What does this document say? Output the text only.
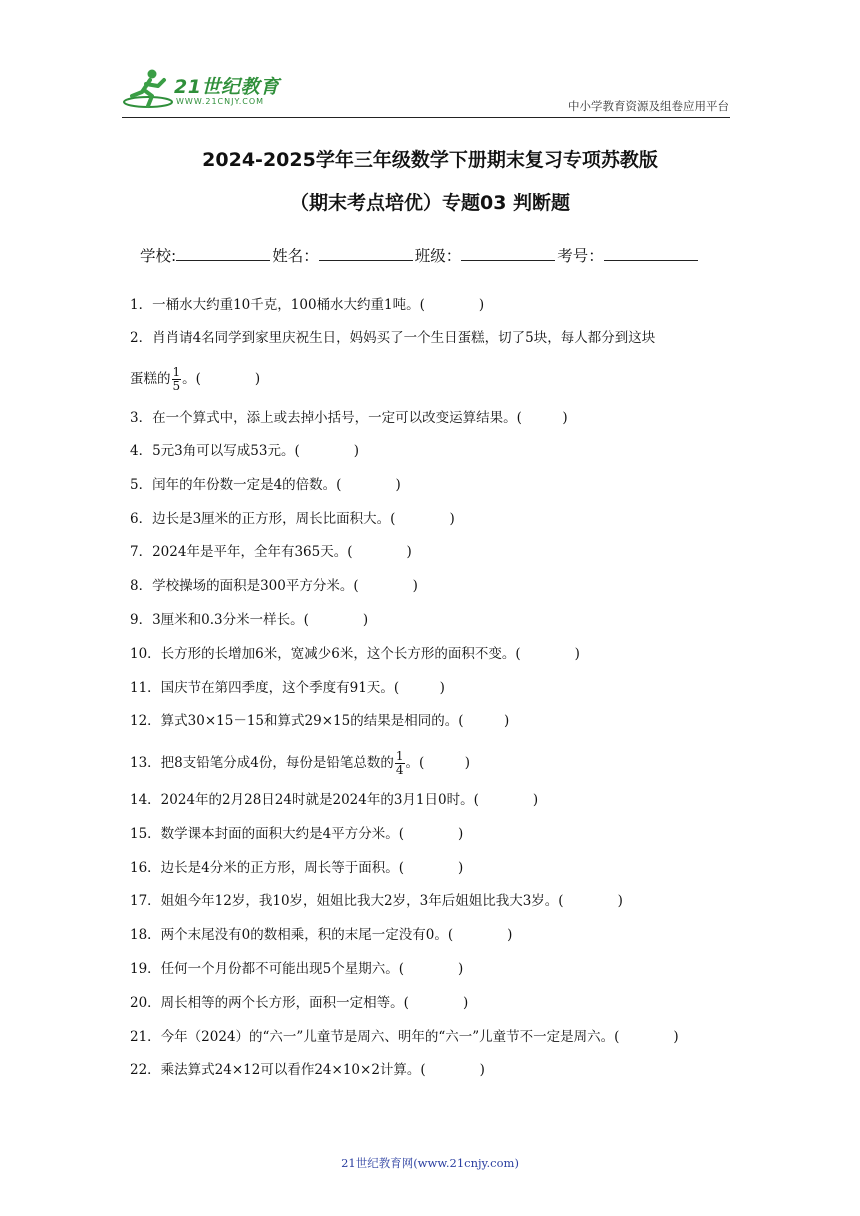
21世纪教育
WWW.21CNJY.COM	中小学教育资源及组卷应用平台
2024-2025学年三年级数学下册期末复习专项苏教版
（期末考点培优）专题03 判断题
学校:	姓名：	班级：	考号：
1．一桶水大约重10千克，100桶水大约重1吨。(　　　　)
2．肖肖请4名同学到家里庆祝生日，妈妈买了一个生日蛋糕，切了5块，每人都分到这块
蛋糕的 $\frac{1}{5}$ 。(　　　　)
3．在一个算式中，添上或去掉小括号，一定可以改变运算结果。(　　　)
4．5元3角可以写成53元。(　　　　)
5．闰年的年份数一定是4的倍数。(　　　　)
6．边长是3厘米的正方形，周长比面积大。(　　　　)
7．2024年是平年，全年有365天。(　　　　)
8．学校操场的面积是300平方分米。(　　　　)
9．3厘米和0.3分米一样长。(　　　　)
10．长方形的长增加6米，宽减少6米，这个长方形的面积不变。(　　　　)
11．国庆节在第四季度，这个季度有91天。(　　　)
12．算式30×15－15和算式29×15的结果是相同的。(　　　)
13．把8支铅笔分成4份，每份是铅笔总数的 $\frac{1}{4}$ 。(　　　)
14．2024年的2月28日24时就是2024年的3月1日0时。(　　　　)
15．数学课本封面的面积大约是4平方分米。(　　　　)
16．边长是4分米的正方形，周长等于面积。(　　　　)
17．姐姐今年12岁，我10岁，姐姐比我大2岁，3年后姐姐比我大3岁。(　　　　)
18．两个末尾没有0的数相乘，积的末尾一定没有0。(　　　　)
19．任何一个月份都不可能出现5个星期六。(　　　　)
20．周长相等的两个长方形，面积一定相等。(　　　　)
21．今年（2024）的“六一”儿童节是周六、明年的“六一”儿童节不一定是周六。(　　　　)
22．乘法算式24×12可以看作24×10×2计算。(　　　　)
21世纪教育网(www.21cnjy.com)
